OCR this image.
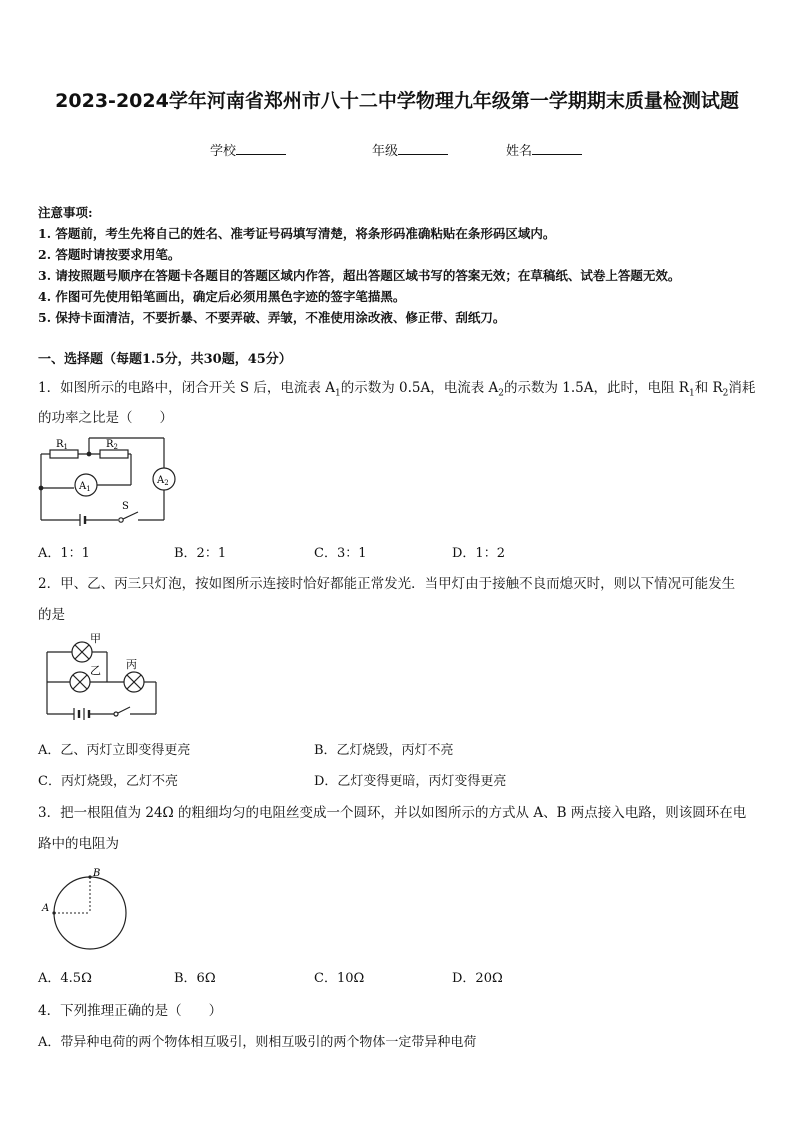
2023-2024学年河南省郑州市八十二中学物理九年级第一学期期末质量检测试题
学校	年级	姓名
注意事项:
1. 答题前，考生先将自己的姓名、准考证号码填写清楚，将条形码准确粘贴在条形码区域内。
2. 答题时请按要求用笔。
3. 请按照题号顺序在答题卡各题目的答题区域内作答，超出答题区域书写的答案无效；在草稿纸、试卷上答题无效。
4. 作图可先使用铅笔画出，确定后必须用黑色字迹的签字笔描黑。
5. 保持卡面清洁，不要折暴、不要弄破、弄皱，不准使用涂改液、修正带、刮纸刀。
一、选择题（每题1.5分，共30题，45分）
1．如图所示的电路中，闭合开关 S 后，电流表 $A_1$的示数为 0.5A，电流表 $A_2$的示数为 1.5A，此时，电阻 $R_1$和 $R_2$消耗
的功率之比是（　　）
$R_1$	$R_2$
$A_1$
$A_2$
S
A．1：1	B．2：1	C．3：1	D．1：2
2．甲、乙、丙三只灯泡，按如图所示连接时恰好都能正常发光．当甲灯由于接触不良而熄灭时，则以下情况可能发生
的是
甲
乙 丙
A．乙、丙灯立即变得更亮	B．乙灯烧毁，丙灯不亮
C．丙灯烧毁，乙灯不亮	D．乙灯变得更暗，丙灯变得更亮
3．把一根阻值为 24Ω 的粗细均匀的电阻丝变成一个圆环，并以如图所示的方式从 A、B 两点接入电路，则该圆环在电
路中的电阻为
A
B
A．4.5Ω	B．6Ω	C．10Ω	D．20Ω
4．下列推理正确的是（　　）
A．带异种电荷的两个物体相互吸引，则相互吸引的两个物体一定带异种电荷
